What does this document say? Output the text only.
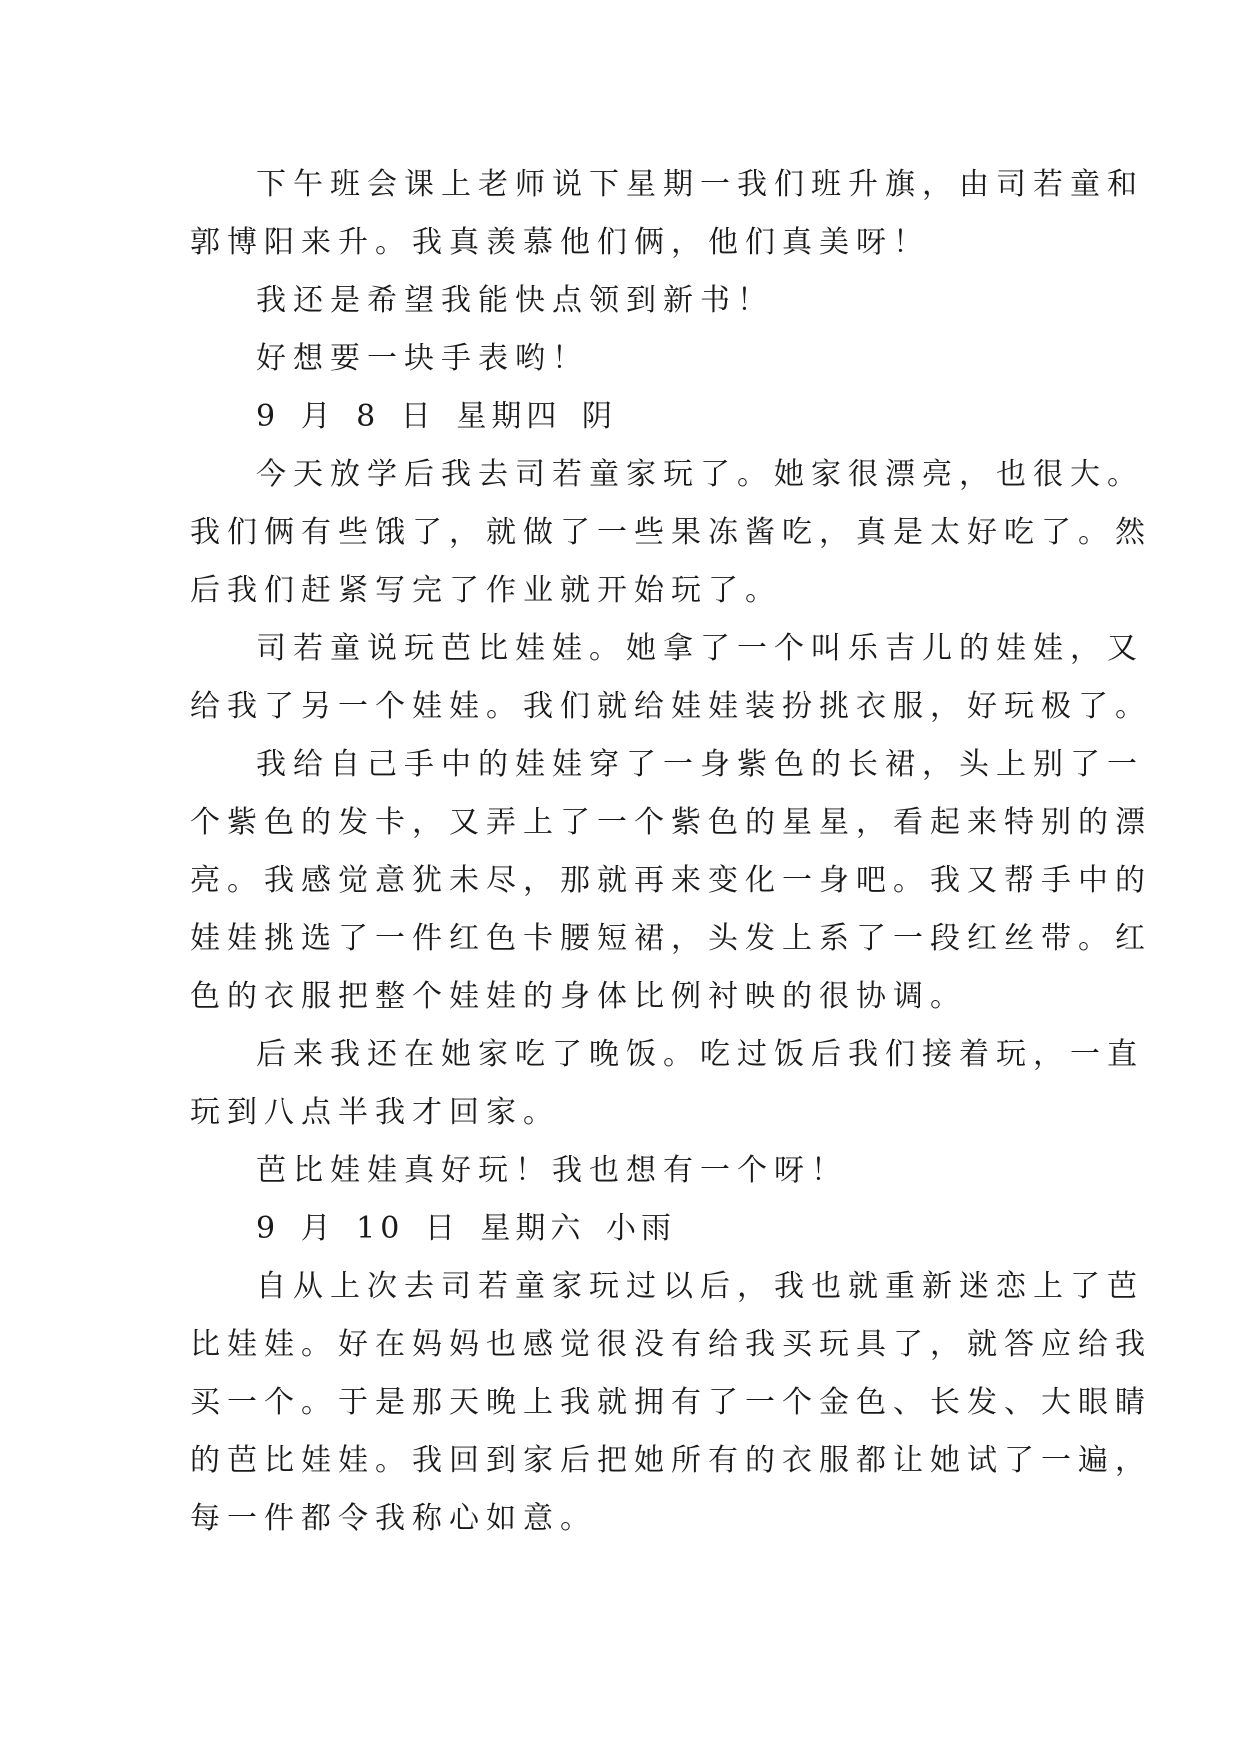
下午班会课上老师说下星期一我们班升旗，由司若童和
郭博阳来升。我真羡慕他们俩，他们真美呀！
我还是希望我能快点领到新书！
好想要一块手表哟！
9 月 8 日 星期四 阴
今天放学后我去司若童家玩了。她家很漂亮，也很大。
我们俩有些饿了，就做了一些果冻酱吃，真是太好吃了。然
后我们赶紧写完了作业就开始玩了。
司若童说玩芭比娃娃。她拿了一个叫乐吉儿的娃娃，又
给我了另一个娃娃。我们就给娃娃装扮挑衣服，好玩极了。
我给自己手中的娃娃穿了一身紫色的长裙，头上别了一
个紫色的发卡，又弄上了一个紫色的星星，看起来特别的漂
亮。我感觉意犹未尽，那就再来变化一身吧。我又帮手中的
娃娃挑选了一件红色卡腰短裙，头发上系了一段红丝带。红
色的衣服把整个娃娃的身体比例衬映的很协调。
后来我还在她家吃了晚饭。吃过饭后我们接着玩，一直
玩到八点半我才回家。
芭比娃娃真好玩！我也想有一个呀！
9 月 10 日 星期六 小雨
自从上次去司若童家玩过以后，我也就重新迷恋上了芭
比娃娃。好在妈妈也感觉很没有给我买玩具了，就答应给我
买一个。于是那天晚上我就拥有了一个金色、长发、大眼睛
的芭比娃娃。我回到家后把她所有的衣服都让她试了一遍，
每一件都令我称心如意。
